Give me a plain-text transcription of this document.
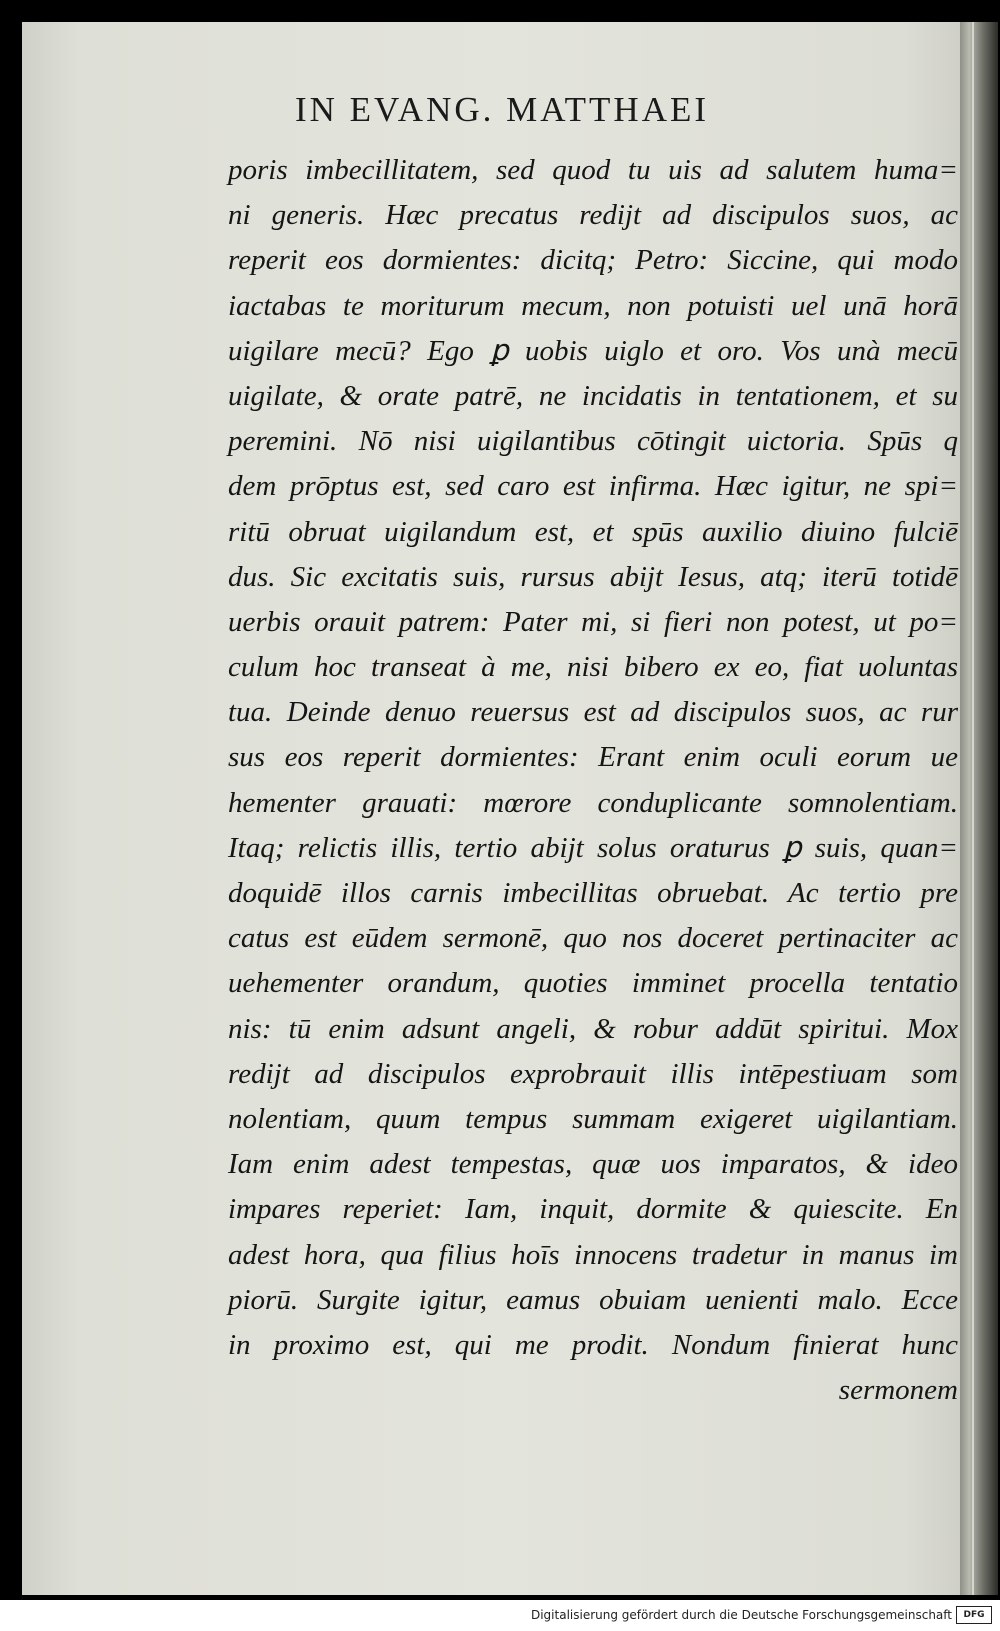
IN EVANG. MATTHAEI
poris imbecillitatem, sed quod tu uis ad salutem huma=
ni generis. Hæc precatus rediјt ad discipulos suos, ac
reperit eos dormientes: dicitq; Petro: Siccine, qui modo
iactabas te moriturum mecum, non potuisti uel unā horā
uigilare mecū? Ego ꝑ uobis uiglo et oro. Vos unà mecū
uigilate, & orate patrē, ne incidatis in tentationem, et su
peremini. Nō nisi uigilantibus cōtingit uictoria. Spūs q
dem prōptus est, sed caro est infirma. Hæc igitur, ne spi=
ritū obruat uigilandum est, et spūs auxilio diuino fulciē
dus. Sic excitatis suis, rursus abijt Iesus, atq; iterū totidē
uerbis orauit patrem: Pater mi, si fieri non potest, ut po=
culum hoc transeat à me, nisi bibero ex eo, fiat uoluntas
tua. Deinde denuo reuersus est ad discipulos suos, ac rur
sus eos reperit dormientes: Erant enim oculi eorum ue
hementer grauati: mœrore conduplicante somnolentiam.
Itaq; relictis illis, tertio abijt solus oraturus ꝑ suis, quan=
doquidē illos carnis imbecillitas obruebat. Ac tertio pre
catus est eūdem sermonē, quo nos doceret pertinaciter ac
uehementer orandum, quoties imminet procella tentatio
nis: tū enim adsunt angeli, & robur addūt spiritui. Mox
rediјt ad discipulos exprobrauit illis intēpestiuam som
nolentiam, quum tempus summam exigeret uigilantiam.
Iam enim adest tempestas, quæ uos imparatos, & ideo
impares reperiet: Iam, inquit, dormite & quiescite. En
adest hora, qua filius hoīs innocens tradetur in manus im
piorū. Surgite igitur, eamus obuiam uenienti malo. Ecce
in proximo est, qui me prodit. Nondum finierat hunc
sermonem
Digitalisierung gefördert durch die Deutsche Forschungsgemeinschaft	DFG
